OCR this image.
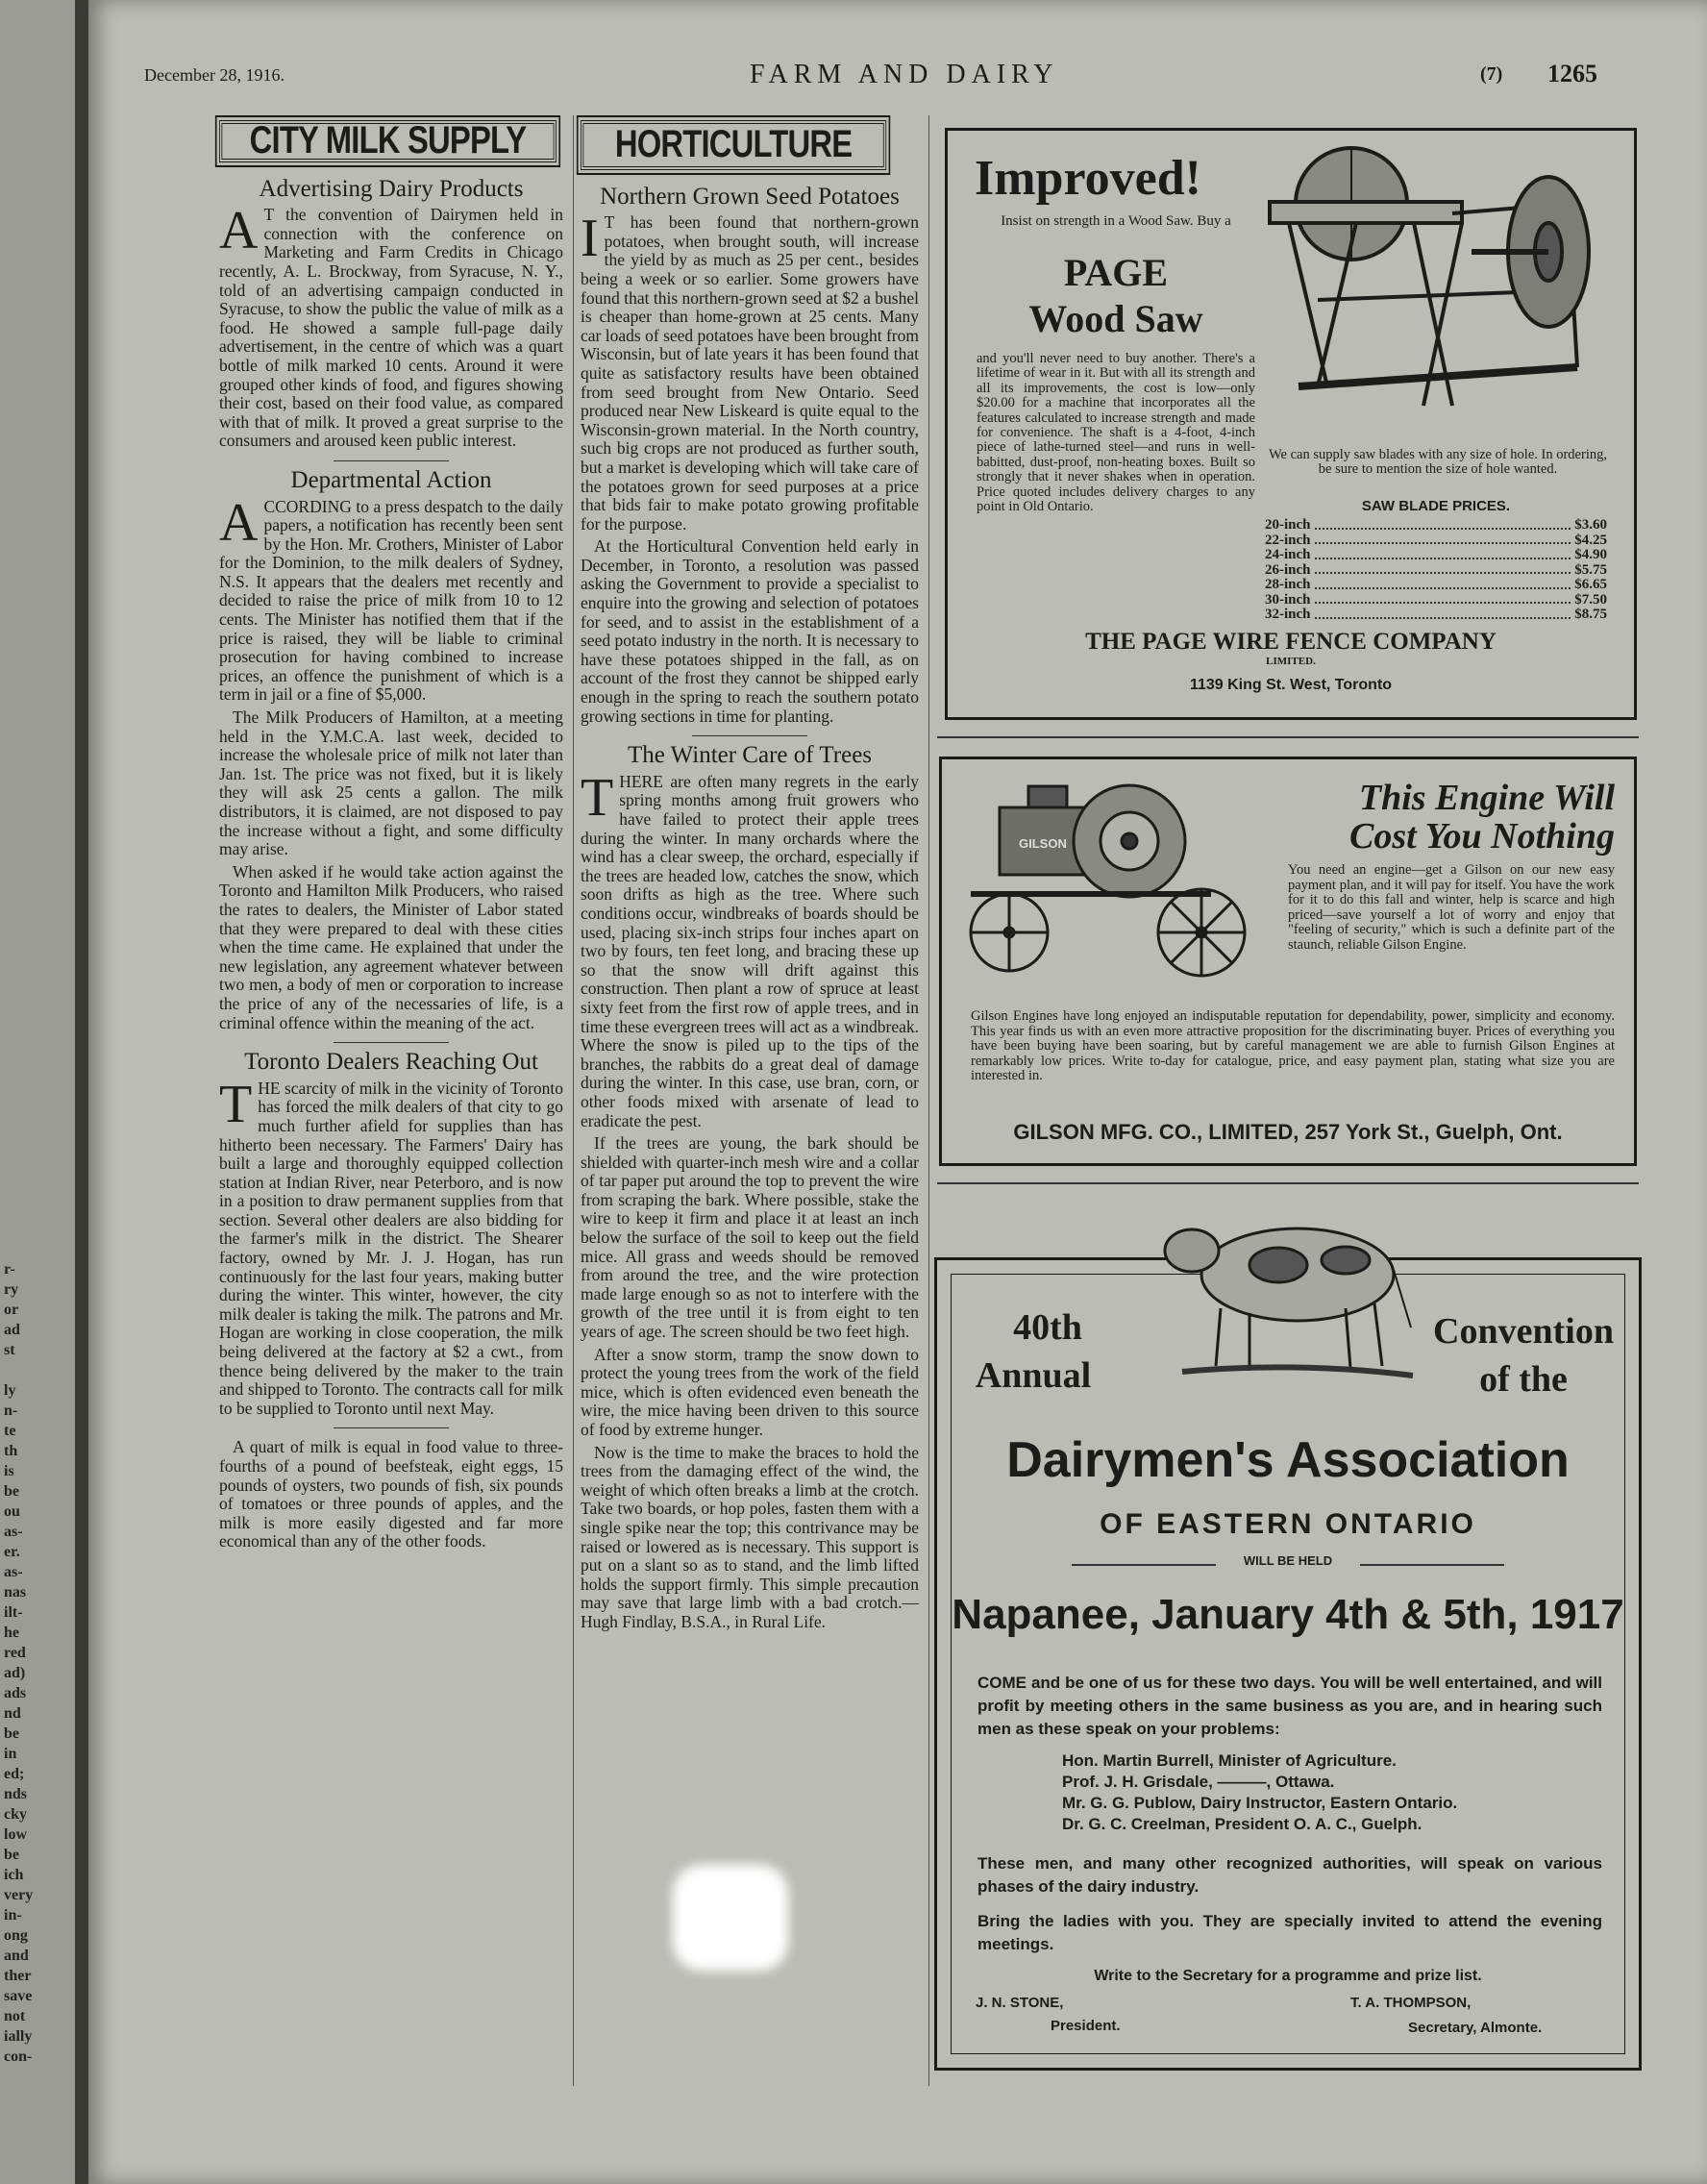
r-
ry
or
ad
st

ly
n-
te
th
is
be
ou
as-
er.
as-
nas
ilt-
he
red
ad)
ads
nd
be
in
ed;
nds
cky
low
be
ich
very
in-
ong
and
ther
save
not
ially
con-
December 28, 1916.	FARM AND DAIRY	(7) 1265
CITY MILK SUPPLY
Advertising Dairy Products

A T the convention of Dairymen held in connection with the conference on Marketing and Farm Credits in Chicago recently, A. L. Brockway, from Syracuse, N. Y., told of an advertising campaign conducted in Syracuse, to show the public the value of milk as a food. He showed a sample full-page daily advertisement, in the centre of which was a quart bottle of milk marked 10 cents. Around it were grouped other kinds of food, and figures showing their cost, based on their food value, as compared with that of milk. It proved a great surprise to the consumers and aroused keen public interest.

Departmental Action

ACCORDING to a press despatch to the daily papers, a notification has recently been sent by the Hon. Mr. Crothers, Minister of Labor for the Dominion, to the milk dealers of Sydney, N.S. It appears that the dealers met recently and decided to raise the price of milk from 10 to 12 cents. The Minister has notified them that if the price is raised, they will be liable to criminal prosecution for having combined to increase prices, an offence the punishment of which is a term in jail or a fine of $5,000.

The Milk Producers of Hamilton, at a meeting held in the Y.M.C.A. last week, decided to increase the wholesale price of milk not later than Jan. 1st. The price was not fixed, but it is likely they will ask 25 cents a gallon. The milk distributors, it is claimed, are not disposed to pay the increase without a fight, and some difficulty may arise.

When asked if he would take action against the Toronto and Hamilton Milk Producers, who raised the rates to dealers, the Minister of Labor stated that they were prepared to deal with these cities when the time came. He explained that under the new legislation, any agreement whatever between two men, a body of men or corporation to increase the price of any of the necessaries of life, is a criminal offence within the meaning of the act.

Toronto Dealers Reaching Out

THE scarcity of milk in the vicinity of Toronto has forced the milk dealers of that city to go much further afield for supplies than has hitherto been necessary. The Farmers' Dairy has built a large and thoroughly equipped collection station at Indian River, near Peterboro, and is now in a position to draw permanent supplies from that section. Several other dealers are also bidding for the farmer's milk in the district. The Shearer factory, owned by Mr. J. J. Hogan, has run continuously for the last four years, making butter during the winter. This winter, however, the city milk dealer is taking the milk. The patrons and Mr. Hogan are working in close cooperation, the milk being delivered at the factory at $2 a cwt., from thence being delivered by the maker to the train and shipped to Toronto. The contracts call for milk to be supplied to Toronto until next May.

A quart of milk is equal in food value to three-fourths of a pound of beefsteak, eight eggs, 15 pounds of oysters, two pounds of fish, six pounds of tomatoes or three pounds of apples, and the milk is more easily digested and far more economical than any of the other foods.

HORTICULTURE
Northern Grown Seed Potatoes

I T has been found that northern-grown potatoes, when brought south, will increase the yield by as much as 25 per cent., besides being a week or so earlier. Some growers have found that this northern-grown seed at $2 a bushel is cheaper than home-grown at 25 cents. Many car loads of seed potatoes have been brought from Wisconsin, but of late years it has been found that quite as satisfactory results have been obtained from seed brought from New Ontario. Seed produced near New Liskeard is quite equal to the Wisconsin-grown material. In the North country, such big crops are not produced as further south, but a market is developing which will take care of the potatoes grown for seed purposes at a price that bids fair to make potato growing profitable for the purpose.

At the Horticultural Convention held early in December, in Toronto, a resolution was passed asking the Government to provide a specialist to enquire into the growing and selection of potatoes for seed, and to assist in the establishment of a seed potato industry in the north. It is necessary to have these potatoes shipped in the fall, as on account of the frost they cannot be shipped early enough in the spring to reach the southern potato growing sections in time for planting.

The Winter Care of Trees

THERE are often many regrets in the early spring months among fruit growers who have failed to protect their apple trees during the winter. In many orchards where the wind has a clear sweep, the orchard, especially if the trees are headed low, catches the snow, which soon drifts as high as the tree. Where such conditions occur, windbreaks of boards should be used, placing six-inch strips four inches apart on two by fours, ten feet long, and bracing these up so that the snow will drift against this construction. Then plant a row of spruce at least sixty feet from the first row of apple trees, and in time these evergreen trees will act as a windbreak. Where the snow is piled up to the tips of the branches, the rabbits do a great deal of damage during the winter. In this case, use bran, corn, or other foods mixed with arsenate of lead to eradicate the pest.

If the trees are young, the bark should be shielded with quarter-inch mesh wire and a collar of tar paper put around the top to prevent the wire from scraping the bark. Where possible, stake the wire to keep it firm and place it at least an inch below the surface of the soil to keep out the field mice. All grass and weeds should be removed from around the tree, and the wire protection made large enough so as not to interfere with the growth of the tree until it is from eight to ten years of age. The screen should be two feet high.

After a snow storm, tramp the snow down to protect the young trees from the work of the field mice, which is often evidenced even beneath the wire, the mice having been driven to this source of food by extreme hunger.

Now is the time to make the braces to hold the trees from the damaging effect of the wind, the weight of which often breaks a limb at the crotch. Take two boards, or hop poles, fasten them with a single spike near the top; this contrivance may be raised or lowered as is necessary. This support is put on a slant so as to stand, and the limb lifted holds the support firmly. This simple precaution may save that large limb with a bad crotch.—Hugh Findlay, B.S.A., in Rural Life.

Improved!
Insist on strength in a Wood Saw. Buy a
PAGE
Wood Saw
and you'll never need to buy another. There's a lifetime of wear in it. But with all its strength and all its improvements, the cost is low—only $20.00 for a machine that incorporates all the features calculated to increase strength and made for convenience. The shaft is a 4-foot, 4-inch piece of lathe-turned steel—and runs in well-babitted, dust-proof, non-heating boxes. Built so strongly that it never shakes when in operation. Price quoted includes delivery charges to any point in Old Ontario.
We can supply saw blades with any size of hole. In ordering, be sure to mention the size of hole wanted.
SAW BLADE PRICES.
20-inch	$3.60
22-inch	$4.25
24-inch	$4.90
26-inch	$5.75
28-inch	$6.65
30-inch	$7.50
32-inch	$8.75
THE PAGE WIRE FENCE COMPANY
LIMITED.
1139 King St. West, Toronto
GILSON
This Engine Will
Cost You Nothing
You need an engine—get a Gilson on our new easy payment plan, and it will pay for itself. You have the work for it to do this fall and winter, help is scarce and high priced—save yourself a lot of worry and enjoy that "feeling of security," which is such a definite part of the staunch, reliable Gilson Engine.
Gilson Engines have long enjoyed an indisputable reputation for dependability, power, simplicity and economy. This year finds us with an even more attractive proposition for the discriminating buyer. Prices of everything you have been buying have been soaring, but by careful management we are able to furnish Gilson Engines at remarkably low prices. Write to-day for catalogue, price, and easy payment plan, stating what size you are interested in.
GILSON MFG. CO., LIMITED, 257 York St., Guelph, Ont.
40th
Annual
Convention
of the
Dairymen's Association
OF EASTERN ONTARIO
WILL BE HELD
Napanee, January 4th & 5th, 1917
COME and be one of us for these two days. You will be well entertained, and will profit by meeting others in the same business as you are, and in hearing such men as these speak on your problems:
Hon. Martin Burrell, Minister of Agriculture.
Prof. J. H. Grisdale, ———, Ottawa.
Mr. G. G. Publow, Dairy Instructor, Eastern Ontario.
Dr. G. C. Creelman, President O. A. C., Guelph.
These men, and many other recognized authorities, will speak on various phases of the dairy industry.
Bring the ladies with you. They are specially invited to attend the evening meetings.
Write to the Secretary for a programme and prize list.
J. N. STONE,
President.
T. A. THOMPSON,
Secretary, Almonte.
